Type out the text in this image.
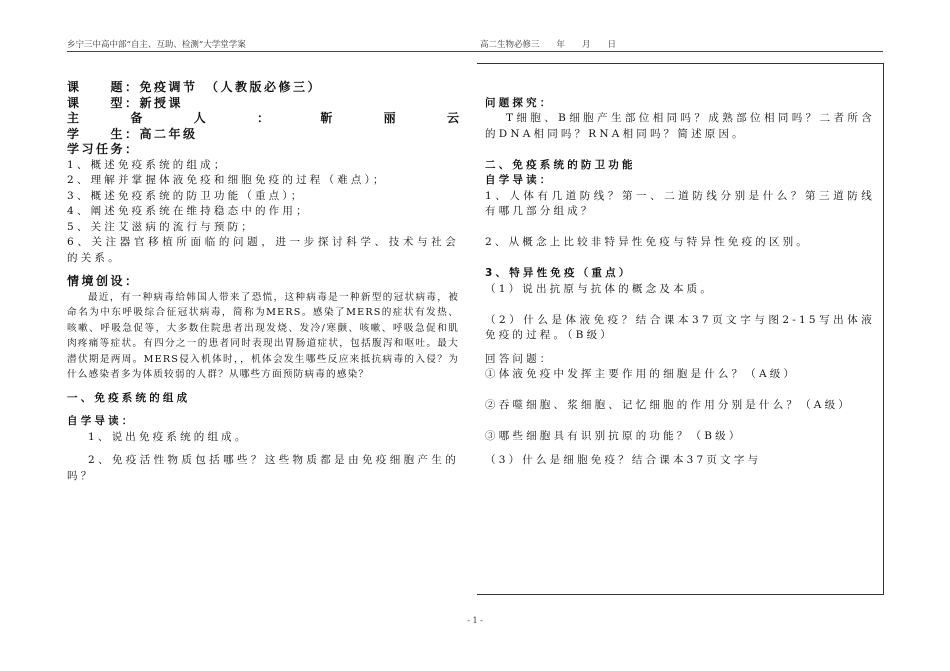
乡宁三中高中部“自主、互助、检测”大学堂学案	高二生物必修三　　年　　月　　日

课　　题：免疫调节　（人教版必修三）

课　　型：新授课

主	备	人	：	靳	丽	云

学　　生：高二年级

学习任务：

1、概述免疫系统的组成；

2、理解并掌握体液免疫和细胞免疫的过程（难点）；

3、概述免疫系统的防卫功能（重点）；

4、阐述免疫系统在维持稳态中的作用；

5、关注艾滋病的流行与预防；

6、关注器官移植所面临的问题，进一步探讨科学、技术与社会的关系。

情境创设：

最近，有一种病毒给韩国人带来了恐慌，这种病毒是一种新型的冠状病毒，被命名为中东呼吸综合征冠状病毒，简称为MERS。感染了MERS的症状有发热、咳嗽、呼吸急促等，大多数住院患者出现发烧、发冷/寒颤、咳嗽、呼吸急促和肌肉疼痛等症状。有四分之一的患者同时表现出胃肠道症状，包括腹泻和呕吐。最大潜伏期是两周。MERS侵入机体时，，机体会发生哪些反应来抵抗病毒的入侵？为什么感染者多为体质较弱的人群？从哪些方面预防病毒的感染？

一、免疫系统的组成

自学导读：

1、说出免疫系统的组成。

2、免疫活性物质包括哪些？这些物质都是由免疫细胞产生的吗？

问题探究：

T细胞、B细胞产生部位相同吗？成熟部位相同吗？二者所含的DNA相同吗？RNA相同吗？简述原因。

二、免疫系统的防卫功能

自学导读：

1、人体有几道防线？第一、二道防线分别是什么？第三道防线有哪几部分组成？

2、从概念上比较非特异性免疫与特异性免疫的区别。

3、特异性免疫（重点）

（1）说出抗原与抗体的概念及本质。

（2）什么是体液免疫？结合课本37页文字与图2-15写出体液免疫的过程。（B级）

回答问题：

①体液免疫中发挥主要作用的细胞是什么？（A级）

②吞噬细胞、浆细胞、记忆细胞的作用分别是什么？（A级）

③哪些细胞具有识别抗原的功能？（B级）

（3）什么是细胞免疫？结合课本37页文字与

- 1 -
